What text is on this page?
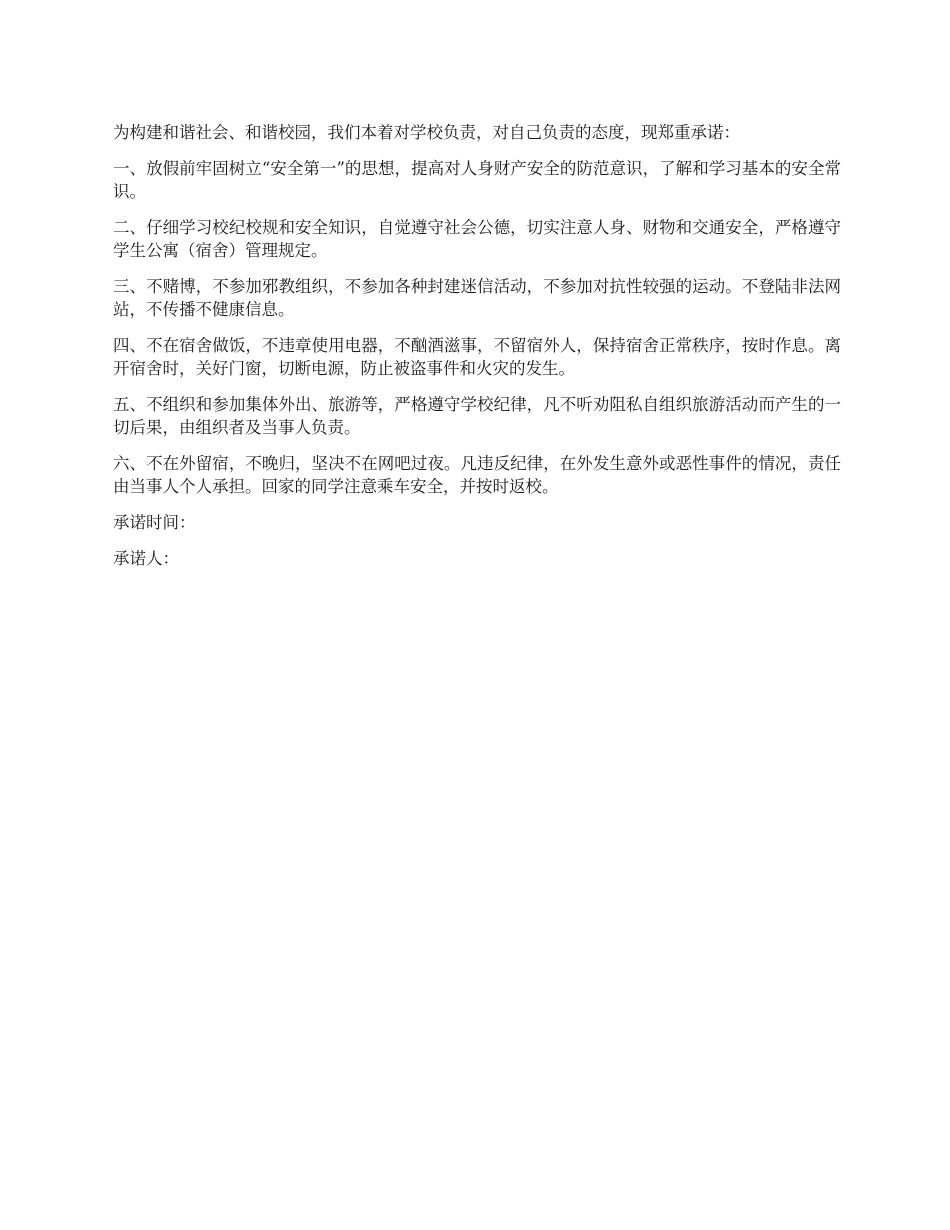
为构建和谐社会、和谐校园，我们本着对学校负责，对自己负责的态度，现郑重承诺：

一、放假前牢固树立“安全第一”的思想，提高对人身财产安全的防范意识，了解和学习基本的安全常识。

二、仔细学习校纪校规和安全知识，自觉遵守社会公德，切实注意人身、财物和交通安全，严格遵守学生公寓（宿舍）管理规定。

三、不赌博，不参加邪教组织，不参加各种封建迷信活动，不参加对抗性较强的运动。不登陆非法网站，不传播不健康信息。

四、不在宿舍做饭，不违章使用电器，不酗酒滋事，不留宿外人，保持宿舍正常秩序，按时作息。离开宿舍时，关好门窗，切断电源，防止被盗事件和火灾的发生。

五、不组织和参加集体外出、旅游等，严格遵守学校纪律，凡不听劝阻私自组织旅游活动而产生的一切后果，由组织者及当事人负责。

六、不在外留宿，不晚归，坚决不在网吧过夜。凡违反纪律，在外发生意外或恶性事件的情况，责任由当事人个人承担。回家的同学注意乘车安全，并按时返校。

承诺时间：

承诺人：
